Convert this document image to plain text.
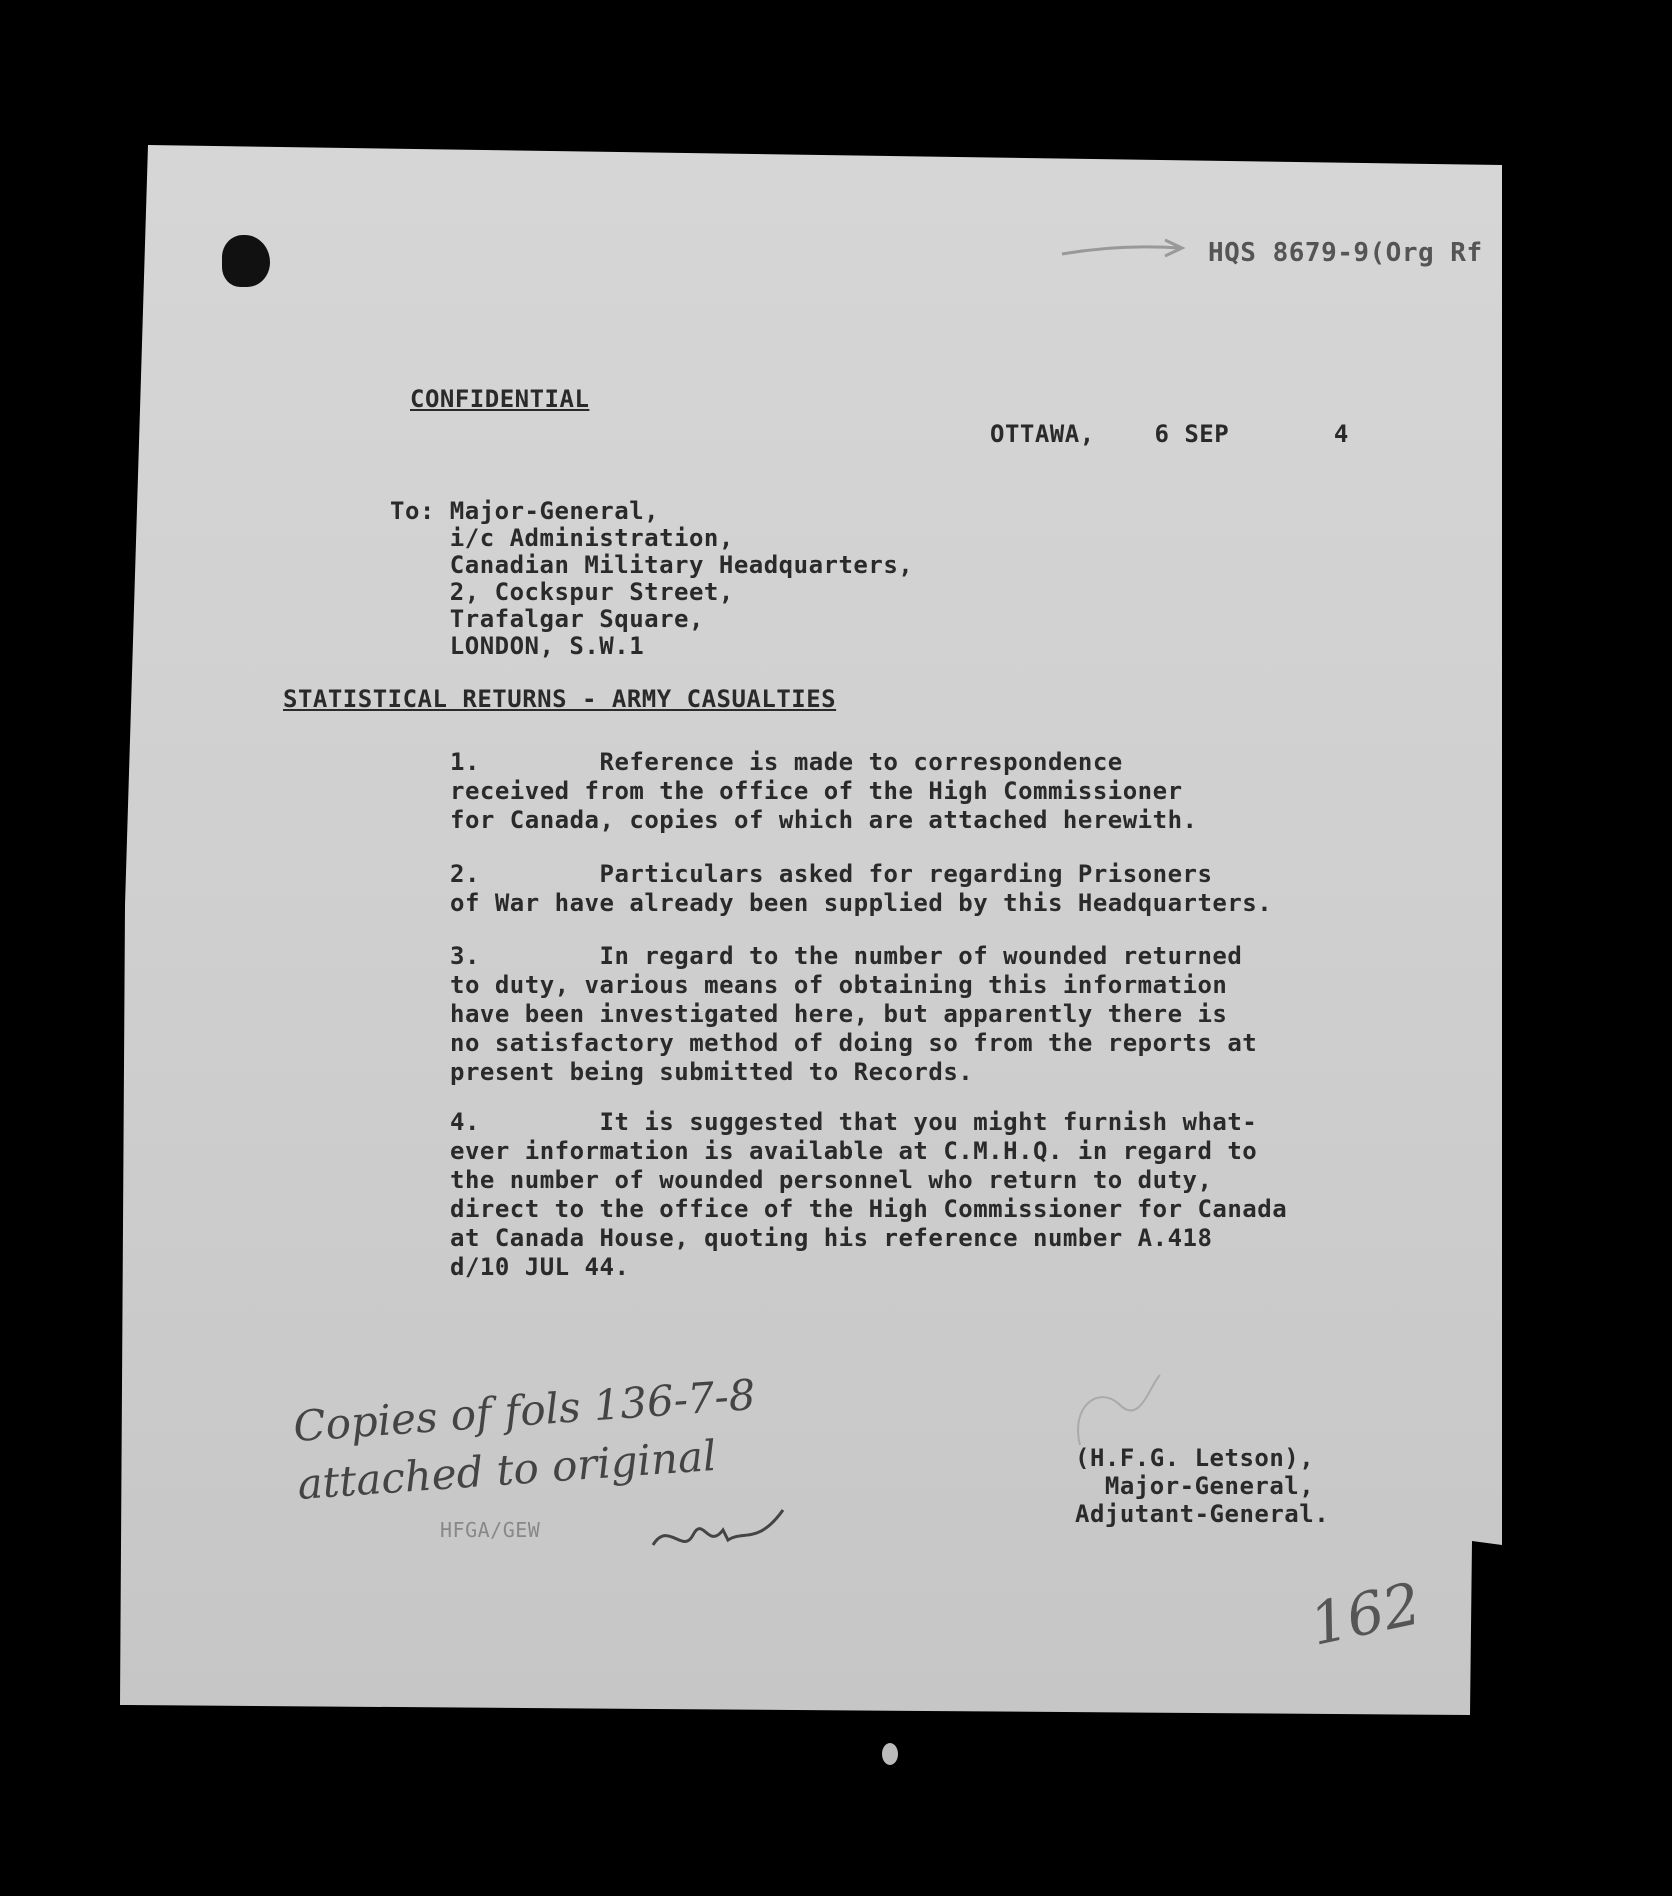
HQS 8679-9(Org Rf
CONFIDENTIAL
OTTAWA, 6 SEP	4
To: Major-General,
i/c Administration,
Canadian Military Headquarters,
2, Cockspur Street,
Trafalgar Square,
LONDON, S.W.1
STATISTICAL RETURNS - ARMY CASUALTIES
1.        Reference is made to correspondence
received from the office of the High Commissioner
for Canada, copies of which are attached herewith.
2.        Particulars asked for regarding Prisoners
of War have already been supplied by this Headquarters.
3.        In regard to the number of wounded returned
to duty, various means of obtaining this information
have been investigated here, but apparently there is
no satisfactory method of doing so from the reports at
present being submitted to Records.
4.        It is suggested that you might furnish what-
ever information is available at C.M.H.Q. in regard to
the number of wounded personnel who return to duty,
direct to the office of the High Commissioner for Canada
at Canada House, quoting his reference number A.418
d/10 JUL 44.
Copies of fols 136-7-8
attached to original	(H.F.G. Letson),
Major-General,
Adjutant-General.
HFGA/GEW
162
